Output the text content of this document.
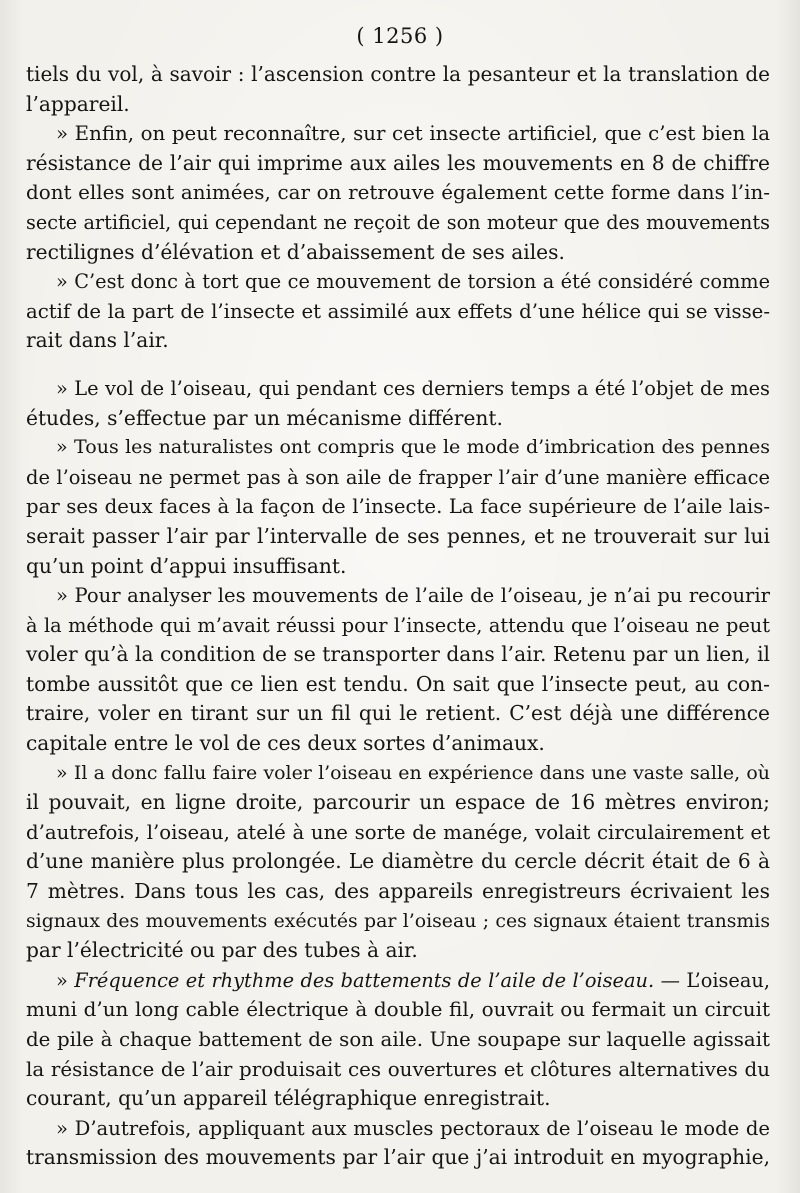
( 1256 )
tiels du vol, à savoir : l’ascension contre la pesanteur et la translation de
l’appareil.
» Enfin, on peut reconnaître, sur cet insecte artificiel, que c’est bien la
résistance de l’air qui imprime aux ailes les mouvements en 8 de chiffre
dont elles sont animées, car on retrouve également cette forme dans l’in-
secte artificiel, qui cependant ne reçoit de son moteur que des mouvements
rectilignes d’élévation et d’abaissement de ses ailes.
» C’est donc à tort que ce mouvement de torsion a été considéré comme
actif de la part de l’insecte et assimilé aux effets d’une hélice qui se visse-
rait dans l’air.
» Le vol de l’oiseau, qui pendant ces derniers temps a été l’objet de mes
études, s’effectue par un mécanisme différent.
» Tous les naturalistes ont compris que le mode d’imbrication des pennes
de l’oiseau ne permet pas à son aile de frapper l’air d’une manière efficace
par ses deux faces à la façon de l’insecte. La face supérieure de l’aile lais-
serait passer l’air par l’intervalle de ses pennes, et ne trouverait sur lui
qu’un point d’appui insuffisant.
» Pour analyser les mouvements de l’aile de l’oiseau, je n’ai pu recourir
à la méthode qui m’avait réussi pour l’insecte, attendu que l’oiseau ne peut
voler qu’à la condition de se transporter dans l’air. Retenu par un lien, il
tombe aussitôt que ce lien est tendu. On sait que l’insecte peut, au con-
traire, voler en tirant sur un fil qui le retient. C’est déjà une différence
capitale entre le vol de ces deux sortes d’animaux.
» Il a donc fallu faire voler l’oiseau en expérience dans une vaste salle, où
il pouvait, en ligne droite, parcourir un espace de 16 mètres environ;
d’autrefois, l’oiseau, atelé à une sorte de manége, volait circulairement et
d’une manière plus prolongée. Le diamètre du cercle décrit était de 6 à
7 mètres. Dans tous les cas, des appareils enregistreurs écrivaient les
signaux des mouvements exécutés par l’oiseau ; ces signaux étaient transmis
par l’électricité ou par des tubes à air.
» Fréquence et rhythme des battements de l’aile de l’oiseau. — L’oiseau,
muni d’un long cable électrique à double fil, ouvrait ou fermait un circuit
de pile à chaque battement de son aile. Une soupape sur laquelle agissait
la résistance de l’air produisait ces ouvertures et clôtures alternatives du
courant, qu’un appareil télégraphique enregistrait.
» D’autrefois, appliquant aux muscles pectoraux de l’oiseau le mode de
transmission des mouvements par l’air que j’ai introduit en myographie,
